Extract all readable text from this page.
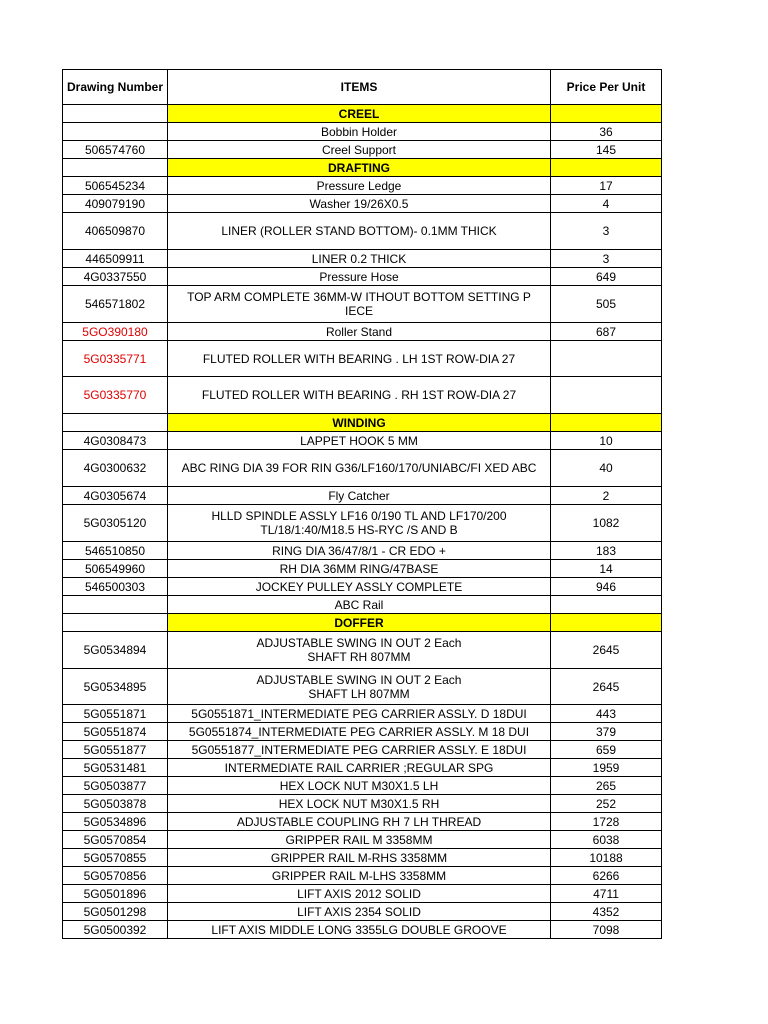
Drawing Number	ITEMS	Price Per Unit
	CREEL	
	Bobbin Holder	36
506574760	Creel Support	145
	DRAFTING	
506545234	Pressure Ledge	17
409079190	Washer 19/26X0.5	4
406509870	LINER (ROLLER STAND BOTTOM)- 0.1MM THICK	3
446509911	LINER 0.2 THICK	3
4G0337550	Pressure Hose	649
546571802	TOP ARM COMPLETE 36MM-W ITHOUT BOTTOM SETTING P IECE	505
5GO390180	Roller Stand	687
5G0335771	FLUTED ROLLER WITH BEARING . LH 1ST ROW-DIA 27	
5G0335770	FLUTED ROLLER WITH BEARING . RH 1ST ROW-DIA 27	
	WINDING	
4G0308473	LAPPET HOOK 5 MM	10
4G0300632	ABC RING DIA 39 FOR RIN G36/LF160/170/UNIABC/FI XED ABC	40
4G0305674	Fly Catcher	2
5G0305120	HLLD SPINDLE ASSLY LF16 0/190 TL AND LF170/200
TL/18/1:40/M18.5 HS-RYC /S AND B	1082
546510850	RING DIA 36/47/8/1 - CR EDO +	183
506549960	RH DIA 36MM RING/47BASE	14
546500303	JOCKEY PULLEY ASSLY COMPLETE	946
	ABC Rail	
	DOFFER	
5G0534894	ADJUSTABLE SWING IN OUT 2 Each
SHAFT RH 807MM	2645
5G0534895	ADJUSTABLE SWING IN OUT 2 Each
SHAFT LH 807MM	2645
5G0551871	5G0551871_INTERMEDIATE PEG CARRIER ASSLY. D 18DUI	443
5G0551874	5G0551874_INTERMEDIATE PEG CARRIER ASSLY. M 18 DUI	379
5G0551877	5G0551877_INTERMEDIATE PEG CARRIER ASSLY. E 18DUI	659
5G0531481	INTERMEDIATE RAIL CARRIER ;REGULAR SPG	1959
5G0503877	HEX LOCK NUT M30X1.5 LH	265
5G0503878	HEX LOCK NUT M30X1.5 RH	252
5G0534896	ADJUSTABLE COUPLING RH 7 LH THREAD	1728
5G0570854	GRIPPER RAIL M 3358MM	6038
5G0570855	GRIPPER RAIL M-RHS 3358MM	10188
5G0570856	GRIPPER RAIL M-LHS 3358MM	6266
5G0501896	LIFT AXIS 2012 SOLID	4711
5G0501298	LIFT AXIS 2354 SOLID	4352
5G0500392	LIFT AXIS MIDDLE LONG 3355LG DOUBLE GROOVE	7098
